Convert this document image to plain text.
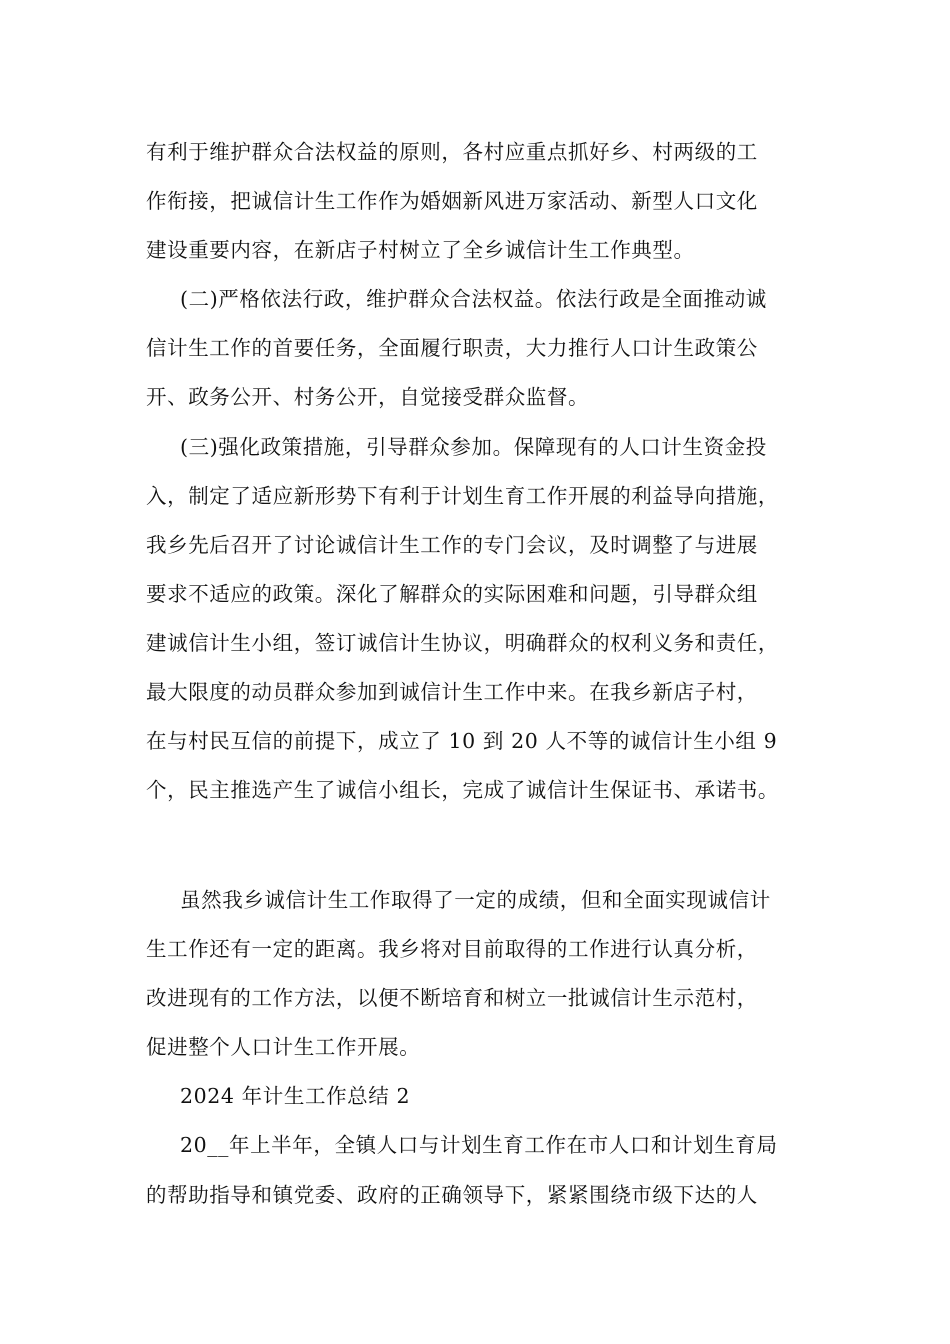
有利于维护群众合法权益的原则，各村应重点抓好乡、村两级的工
作衔接，把诚信计生工作作为婚姻新风进万家活动、新型人口文化
建设重要内容，在新店子村树立了全乡诚信计生工作典型。
(二)严格依法行政，维护群众合法权益。依法行政是全面推动诚
信计生工作的首要任务，全面履行职责，大力推行人口计生政策公
开、政务公开、村务公开，自觉接受群众监督。
(三)强化政策措施，引导群众参加。保障现有的人口计生资金投
入，制定了适应新形势下有利于计划生育工作开展的利益导向措施，
我乡先后召开了讨论诚信计生工作的专门会议，及时调整了与进展
要求不适应的政策。深化了解群众的实际困难和问题，引导群众组
建诚信计生小组，签订诚信计生协议，明确群众的权利义务和责任，
最大限度的动员群众参加到诚信计生工作中来。在我乡新店子村，
在与村民互信的前提下，成立了 10 到 20 人不等的诚信计生小组 9
个，民主推选产生了诚信小组长，完成了诚信计生保证书、承诺书。
虽然我乡诚信计生工作取得了一定的成绩，但和全面实现诚信计
生工作还有一定的距离。我乡将对目前取得的工作进行认真分析，
改进现有的工作方法，以便不断培育和树立一批诚信计生示范村，
促进整个人口计生工作开展。
2024 年计生工作总结 2
20__年上半年，全镇人口与计划生育工作在市人口和计划生育局
的帮助指导和镇党委、政府的正确领导下，紧紧围绕市级下达的人
